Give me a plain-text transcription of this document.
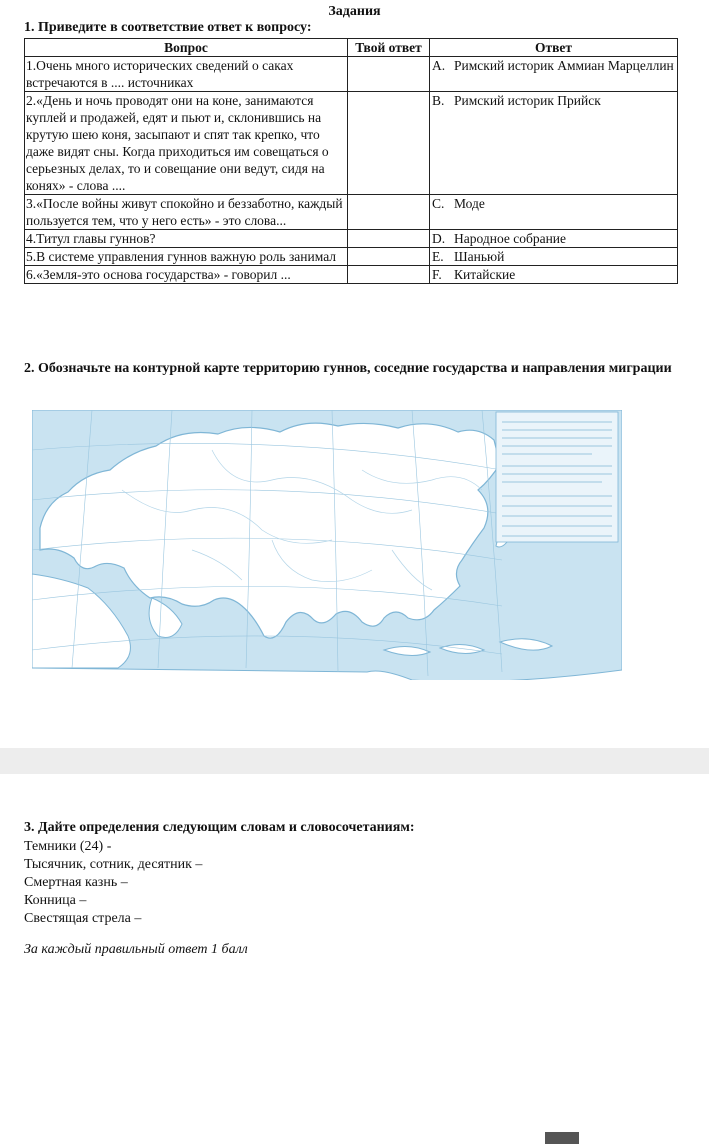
Задания
1. Приведите в соответствие ответ к вопросу:
Вопрос	Твой ответ	Ответ
1.Очень много исторических сведений о саках встречаются в .... источниках		A. Римский историк Аммиан Марцеллин

2.«День и ночь проводят они на коне, занимаются куплей и продажей, едят и пьют и, склонившись на крутую шею коня, засыпают и спят так крепко, что даже видят сны. Когда приходиться им совещаться о серьезных делах, то и совещание они ведут, сидя на конях» - слова ....		B. Римский историк Прийск

3.«После войны живут спокойно и беззаботно, каждый пользуется тем, что у него есть» - это слова...		C. Моде

4.Титул главы гуннов?		D. Народное собрание

5.В системе управления гуннов важную роль занимал		E. Шаньюй

6.«Земля-это основа государства» - говорил ...		F. Китайские
2. Обозначьте на контурной карте территорию гуннов, соседние государства и направления миграции
3. Дайте определения следующим словам и словосочетаниям:
Темники (24) -
Тысячник, сотник, десятник –
Смертная казнь –
Конница –
Свестящая стрела –
За каждый правильный ответ 1 балл
